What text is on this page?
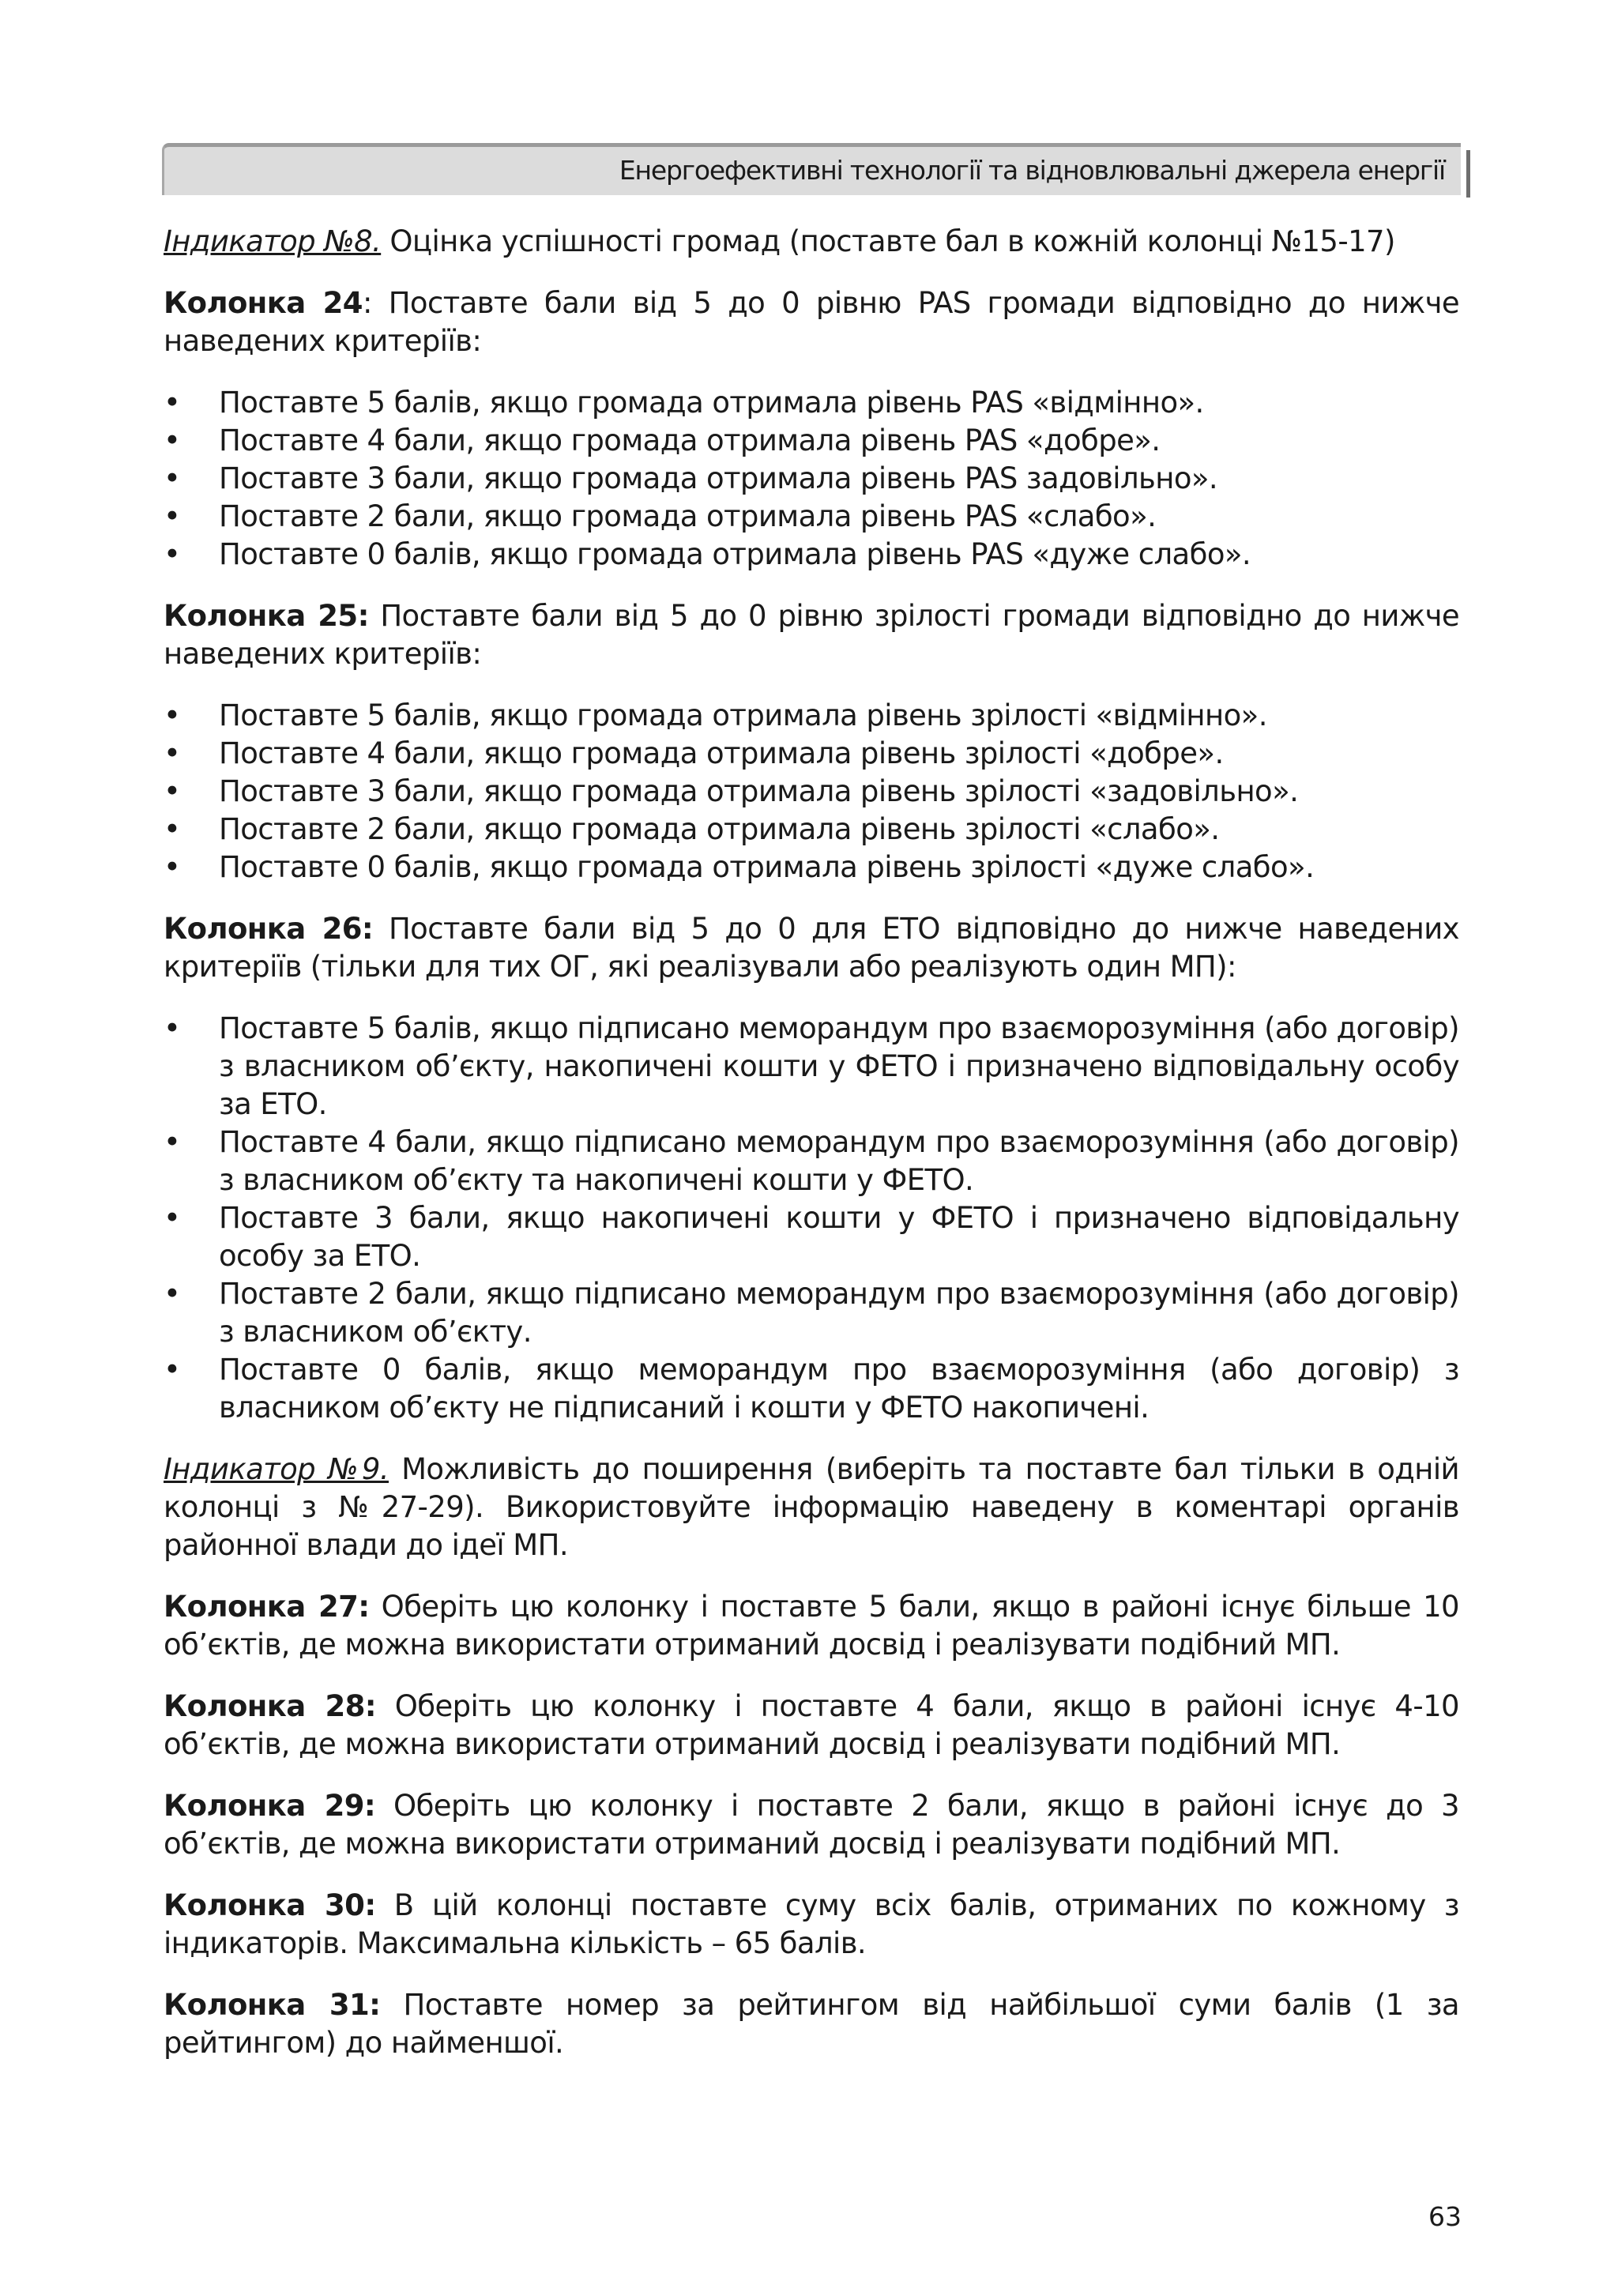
Енергоефективні технології та відновлювальні джерела енергії

Індикатор №8. Оцінка успішності громад (поставте бал в кожній колонці №15-17)

Колонка 24: Поставте бали від 5 до 0 рівню PAS громади відповідно до нижче наведених критеріїв:

• Поставте 5 балів, якщо громада отримала рівень PAS «відмінно».
• Поставте 4 бали, якщо громада отримала рівень PAS «добре».
• Поставте 3 бали, якщо громада отримала рівень PAS задовільно».
• Поставте 2 бали, якщо громада отримала рівень PAS «слабо».
• Поставте 0 балів, якщо громада отримала рівень PAS «дуже слабо».

Колонка 25: Поставте бали від 5 до 0 рівню зрілості громади відповідно до нижче наведених критеріїв:

• Поставте 5 балів, якщо громада отримала рівень зрілості «відмінно».
• Поставте 4 бали, якщо громада отримала рівень зрілості «добре».
• Поставте 3 бали, якщо громада отримала рівень зрілості «задовільно».
• Поставте 2 бали, якщо громада отримала рівень зрілості «слабо».
• Поставте 0 балів, якщо громада отримала рівень зрілості «дуже слабо».

Колонка 26: Поставте бали від 5 до 0 для ЕТО відповідно до нижче наведених критеріїв (тільки для тих ОГ, які реалізували або реалізують один МП):

• Поставте 5 балів, якщо підписано меморандум про взаєморозуміння (або договір) з власником об’єкту, накопичені кошти у ФЕТО і призначено відповідальну особу за ЕТО.
• Поставте 4 бали, якщо підписано меморандум про взаєморозуміння (або договір) з власником об’єкту та накопичені кошти у ФЕТО.
• Поставте 3 бали, якщо накопичені кошти у ФЕТО і призначено відповідальну особу за ЕТО.
• Поставте 2 бали, якщо підписано меморандум про взаєморозуміння (або договір) з власником об’єкту.
• Поставте 0 балів, якщо меморандум про взаєморозуміння (або договір) з власником об’єкту не підписаний і кошти у ФЕТО накопичені.

Індикатор №9. Можливість до поширення (виберіть та поставте бал тільки в одній колонці з №27-29). Використовуйте інформацію наведену в коментарі органів районної влади до ідеї МП.

Колонка 27: Оберіть цю колонку і поставте 5 бали, якщо в районі існує більше 10 об’єктів, де можна використати отриманий досвід і реалізувати подібний МП.

Колонка 28: Оберіть цю колонку і поставте 4 бали, якщо в районі існує 4-10 об’єктів, де можна використати отриманий досвід і реалізувати подібний МП.

Колонка 29: Оберіть цю колонку і поставте 2 бали, якщо в районі існує до 3 об’єктів, де можна використати отриманий досвід і реалізувати подібний МП.

Колонка 30: В цій колонці поставте суму всіх балів, отриманих по кожному з індикаторів. Максимальна кількість – 65 балів.

Колонка 31: Поставте номер за рейтингом від найбільшої суми балів (1 за рейтингом) до найменшої.

63
